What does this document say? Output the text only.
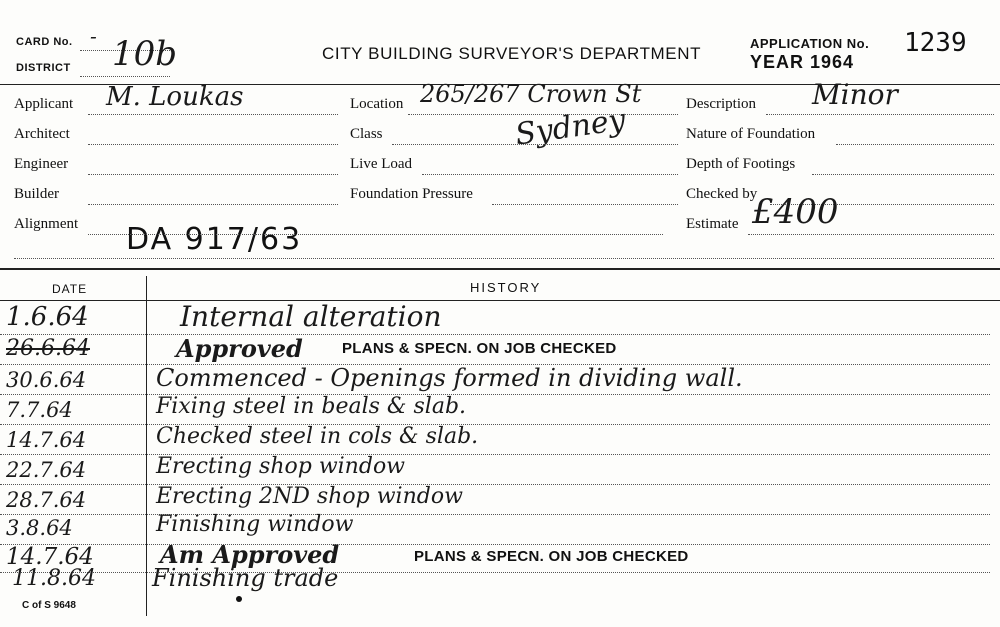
CARD No. -
DISTRICT 10b	CITY BUILDING SURVEYOR'S DEPARTMENT
APPLICATION No. 1239
YEAR 1964
Applicant M. Loukas
Architect
Engineer
Builder
Alignment DA 917/63
Location 265/267 Crown St
Sydney
Class
Live Load
Foundation Pressure
Description Minor
Nature of Foundation
Depth of Footings
Checked by
Estimate £400
DATE	HISTORY
1.6.64	Internal alteration
26.6.64	Approved	PLANS & SPECN. ON JOB CHECKED
30.6.64	Commenced - Openings formed in dividing wall.
7.7.64	Fixing steel in beals & slab.
14.7.64	Checked steel in cols & slab.
22.7.64	Erecting shop window
28.7.64	Erecting 2ND shop window
3.8.64	Finishing window
14.7.64	Am Approved	PLANS & SPECN. ON JOB CHECKED
11.8.64 Finishing trade
C of S 9648
